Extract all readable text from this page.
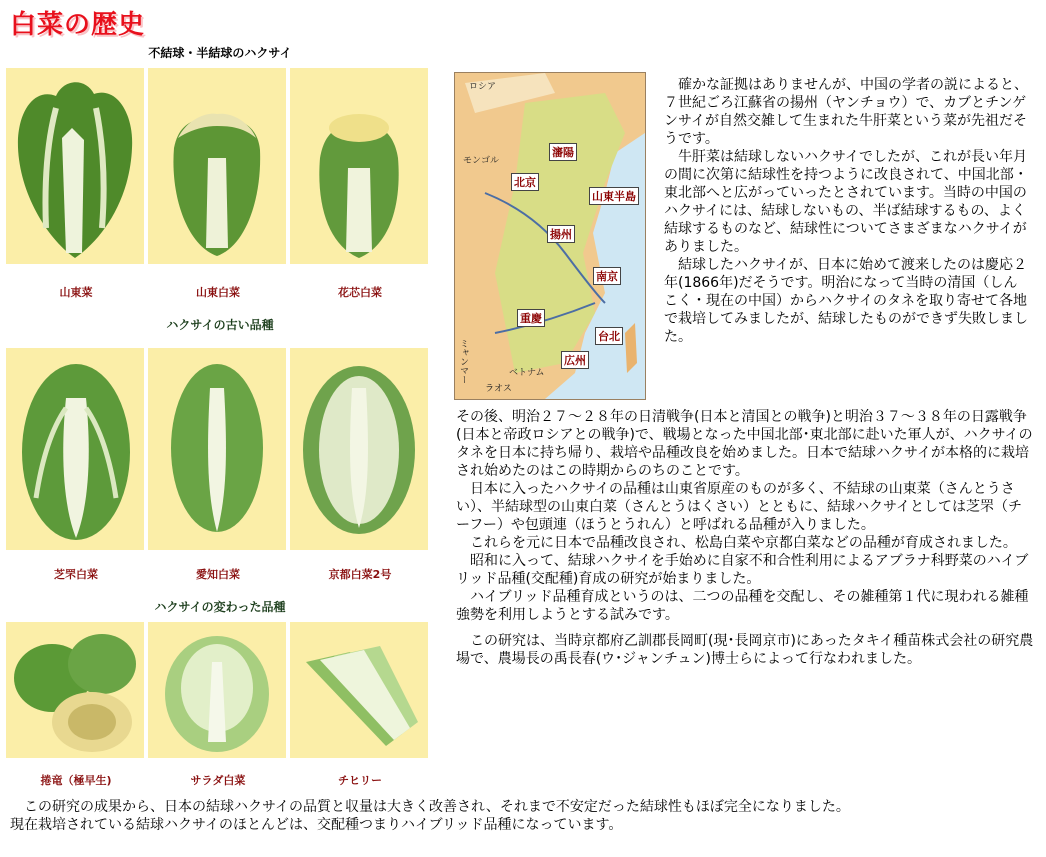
白菜の歴史
不結球・半結球のハクサイ
ハクサイの古い品種
ハクサイの変わった品種
山東菜	山東白菜	花芯白菜
芝罘白菜	愛知白菜	京都白菜2号
捲竜（極早生)	サラダ白菜	チヒリー
ロシア
モンゴル
瀋陽
北京
山東半島
揚州
南京
重慶
台北
広州
ミャンマー	ベトナム
ラオス

確かな証拠はありませんが、中国の学者の説によると、７世紀ごろ江蘇省の揚州（ヤンチョウ）で、カブとチンゲンサイが自然交雑して生まれた牛肝菜という菜が先祖だそうです。

牛肝菜は結球しないハクサイでしたが、これが長い年月の間に次第に結球性を持つように改良されて、中国北部・東北部へと広がっていったとされています。当時の中国のハクサイには、結球しないもの、半ば結球するもの、よく結球するものなど、結球性についてさまざまなハクサイがありました。

結球したハクサイが、日本に始めて渡来したのは慶応２年(1866年)だそうです。明治になって当時の清国（しんこく・現在の中国）からハクサイのタネを取り寄せて各地で栽培してみましたが、結球したものができず失敗しました。

その後、明治２７～２８年の日清戦争(日本と清国との戦争)と明治３７～３８年の日露戦争(日本と帝政ロシアとの戦争)で、戦場となった中国北部･東北部に赴いた軍人が、ハクサイのタネを日本に持ち帰り、栽培や品種改良を始めました。日本で結球ハクサイが本格的に栽培され始めたのはこの時期からのちのことです。

日本に入ったハクサイの品種は山東省原産のものが多く、不結球の山東菜（さんとうさい）、半結球型の山東白菜（さんとうはくさい）とともに、結球ハクサイとしては芝罘（チーフー）や包頭連（ほうとうれん）と呼ばれる品種が入りました。

これらを元に日本で品種改良され、松島白菜や京都白菜などの品種が育成されました。

昭和に入って、結球ハクサイを手始めに自家不和合性利用によるアブラナ科野菜のハイブリッド品種(交配種)育成の研究が始まりました。

ハイブリッド品種育成というのは、二つの品種を交配し、その雑種第１代に現われる雑種強勢を利用しようとする試みです。

この研究は、当時京都府乙訓郡長岡町(現･長岡京市)にあったタキイ種苗株式会社の研究農場で、農場長の禹長春(ウ･ジャンチュン)博士らによって行なわれました。

この研究の成果から、日本の結球ハクサイの品質と収量は大きく改善され、それまで不安定だった結球性もほぼ完全になりました。

現在栽培されている結球ハクサイのほとんどは、交配種つまりハイブリッド品種になっています。
